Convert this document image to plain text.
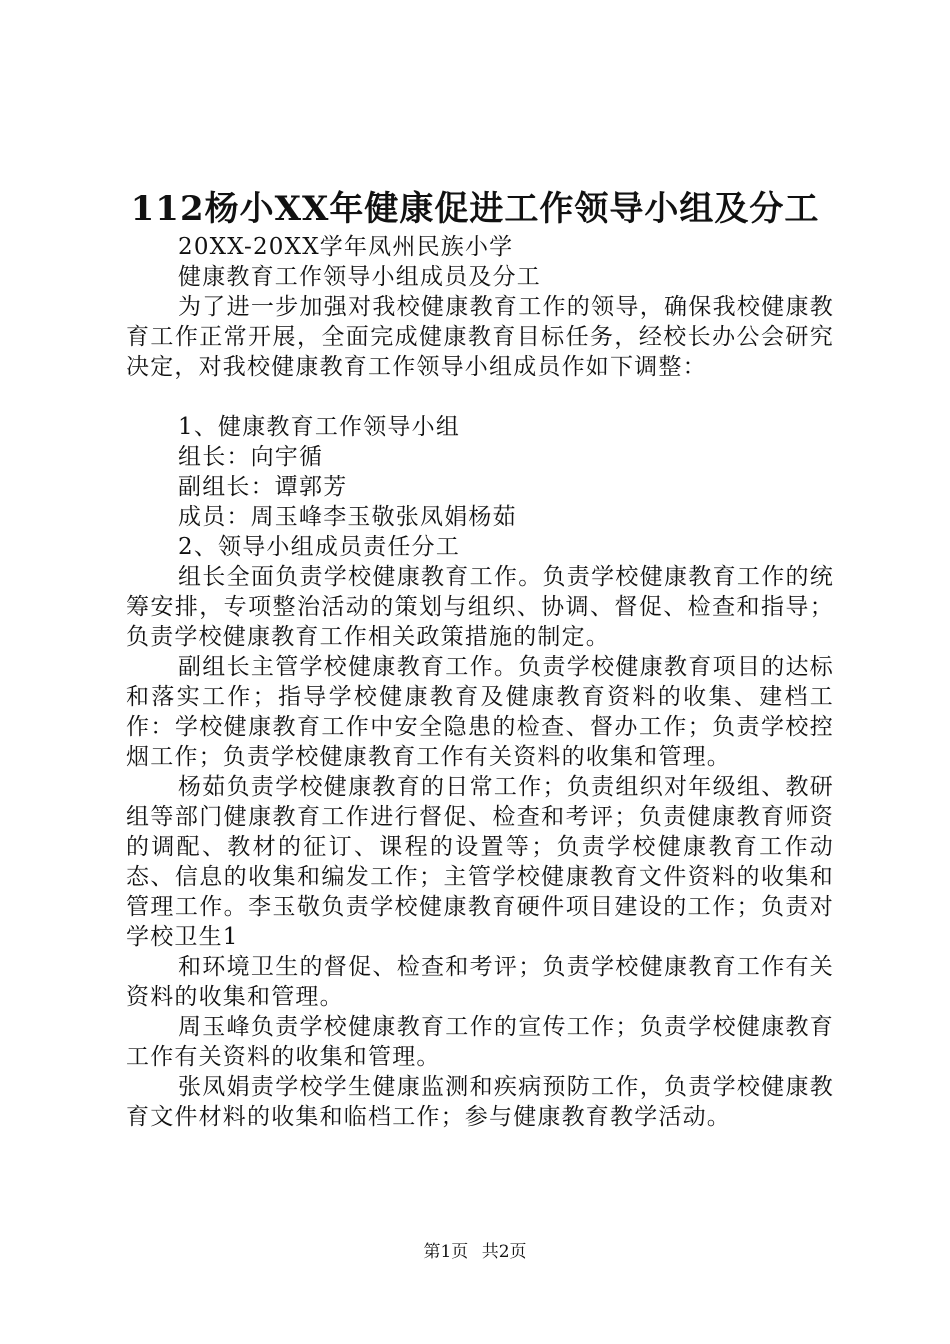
112杨小XX年健康促进工作领导小组及分工

20XX-20XX学年凤州民族小学

健康教育工作领导小组成员及分工

为了进一步加强对我校健康教育工作的领导，确保我校健康教育工作正常开展，全面完成健康教育目标任务，经校长办公会研究决定，对我校健康教育工作领导小组成员作如下调整：

1、健康教育工作领导小组

组长：向宇循

副组长：谭郭芳

成员：周玉峰李玉敬张凤娟杨茹

2、领导小组成员责任分工

组长全面负责学校健康教育工作。负责学校健康教育工作的统筹安排，专项整治活动的策划与组织、协调、督促、检查和指导；负责学校健康教育工作相关政策措施的制定。

副组长主管学校健康教育工作。负责学校健康教育项目的达标和落实工作；指导学校健康教育及健康教育资料的收集、建档工作：学校健康教育工作中安全隐患的检查、督办工作；负责学校控烟工作；负责学校健康教育工作有关资料的收集和管理。

杨茹负责学校健康教育的日常工作；负责组织对年级组、教研组等部门健康教育工作进行督促、检查和考评；负责健康教育师资的调配、教材的征订、课程的设置等；负责学校健康教育工作动态、信息的收集和编发工作；主管学校健康教育文件资料的收集和管理工作。李玉敬负责学校健康教育硬件项目建设的工作；负责对学校卫生1

和环境卫生的督促、检查和考评；负责学校健康教育工作有关资料的收集和管理。

周玉峰负责学校健康教育工作的宣传工作；负责学校健康教育工作有关资料的收集和管理。

张凤娟责学校学生健康监测和疾病预防工作，负责学校健康教育文件材料的收集和临档工作；参与健康教育教学活动。

第1页 共2页
